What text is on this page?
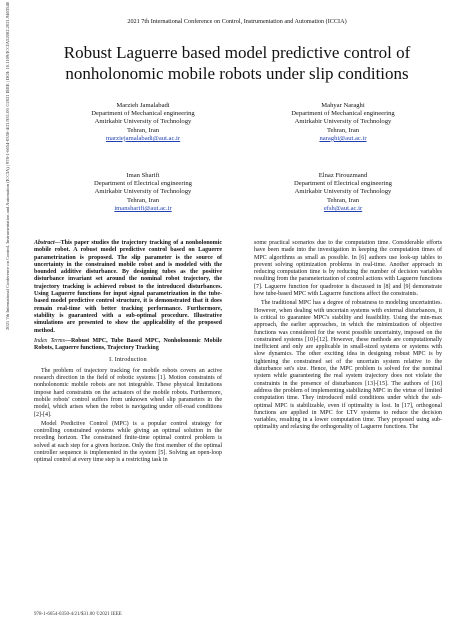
2021 7th International Conference on Control, Instrumentation and Automation (ICCIA)
2021 7th International Conference on Control, Instrumentation and Automation (ICCIA) | 978-1-6654-0350-4/21/$31.00 ©2021 IEEE | DOI: 10.1109/ICCIA52082.2021.9403540	Robust Laguerre based model predictive control of nonholonomic mobile robots under slip conditions
Marzieh Jamalabadi
Department of Mechanical engineering
Amirkabir University of Technology
Tehran, Iran
marziejamalabadi@aut.ac.ir
Mahyar Naraghi
Department of Mechanical engineering
Amirkabir University of Technology
Tehran, Iran
naraghi@aut.ac.ir
Iman Sharifi
Department of Electrical engineering
Amirkabir University of Technology
Tehran, Iran
imansharifi@aut.ac.ir
Elnaz Firouzmand
Department of Electrical engineering
Amirkabir University of Technology
Tehran, Iran
efsh@aut.ac.ir

Abstract—This paper studies the trajectory tracking of a nonholonomic mobile robot. A robust model predictive control based on Laguerre parametrization is proposed. The slip parameter is the source of uncertainty in the constrained mobile robot and is modeled with the bounded additive disturbance. By designing tubes as the positive disturbance invariant set around the nominal robot trajectory, the trajectory tracking is achieved robust to the introduced disturbances. Using Laguerre functions for input signal parametrization in the tube-based model predictive control structure, it is demonstrated that it does remain real-time with better tracking performance. Furthermore, stability is guaranteed with a sub-optimal procedure. Illustrative simulations are presented to show the applicability of the proposed method.

Index Terms—Robust MPC, Tube Based MPC, Nonholonomic Mobile Robots, Laguerre functions, Trajectory Tracking

I. Introduction

The problem of trajectory tracking for mobile robots covers an active research direction in the field of robotic systems [1]. Motion constraints of nonholonomic mobile robots are not integrable. These physical limitations impose hard constraints on the actuators of the mobile robots. Furthermore, mobile robots' control suffers from unknown wheel slip parameters in the model, which arises when the robot is navigating under off-road conditions [2]-[4].

Model Predictive Control (MPC) is a popular control strategy for controlling constrained systems while giving an optimal solution in the receding horizon. The constrained finite-time optimal control problem is solved at each step for a given horizon. Only the first member of the optimal controller sequence is implemented in the system [5]. Solving an open-loop optimal control at every time step is a restricting task in

some practical scenarios due to the computation time. Considerable efforts have been made into the investigation in keeping the computation times of MPC algorithms as small as possible. In [6] authors use look-up tables to prevent solving optimization problems in real-time. Another approach in reducing computation time is by reducing the number of decision variables resulting from the parameterization of control actions with Laguerre functions [7]. Laguerre function for quadrotor is discussed in [8] and [9] demonstrate how tube-based MPC with Laguerre functions affect the constraints.

The traditional MPC has a degree of robustness to modeling uncertainties. However, when dealing with uncertain systems with external disturbances, it is critical to guarantee MPC's stability and feasibility. Using the min-max approach, the earlier approaches, in which the minimization of objective functions was considered for the worst possible uncertainty, imposed on the constrained systems [10]-[12]. However, these methods are computationally inefficient and only are applicable in small-sized systems or systems with slow dynamics. The other exciting idea in designing robust MPC is by tightening the constrained set of the uncertain system relative to the disturbance set's size. Hence, the MPC problem is solved for the nominal system while guaranteeing the real system trajectory does not violate the constraints in the presence of disturbances [13]-[15]. The authors of [16] address the problem of implementing stabilizing MPC in the virtue of limited computation time. They introduced mild conditions under which the sub-optimal MPC is stabilizable, even if optimality is lost. In [17], orthogonal functions are applied in MPC for LTV systems to reduce the decision variables, resulting in a lower computation time. They proposed using sub-optimality and relaxing the orthogonality of Laguerre functions. The

978-1-6654-0350-4/21/$31.00 ©2021 IEEE
